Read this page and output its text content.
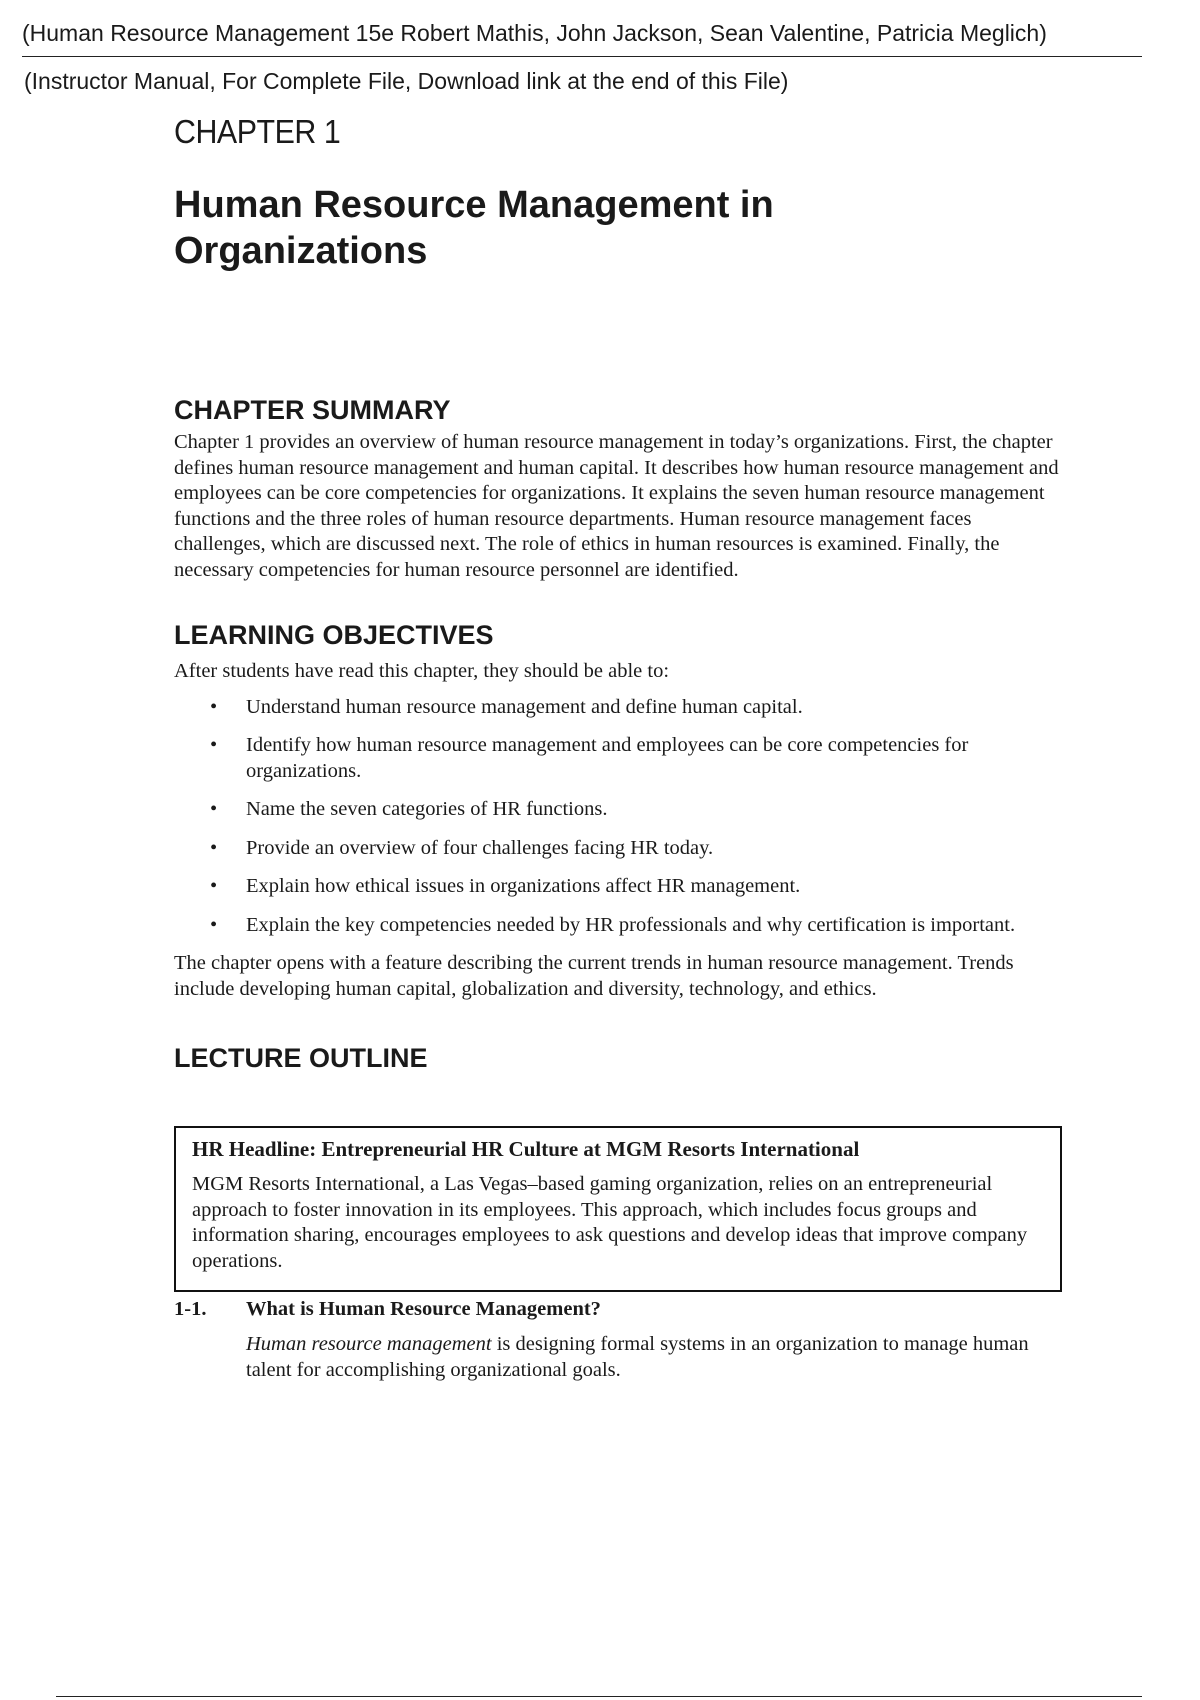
(Human Resource Management 15e Robert Mathis, John Jackson, Sean Valentine, Patricia Meglich)
(Instructor Manual, For Complete File, Download link at the end of this File)
CHAPTER 1
Human Resource Management in
Organizations
CHAPTER SUMMARY

Chapter 1 provides an overview of human resource management in today’s organizations. First, the chapter defines human resource management and human capital. It describes how human resource management and employees can be core competencies for organizations. It explains the seven human resource management functions and the three roles of human resource departments. Human resource management faces challenges, which are discussed next. The role of ethics in human resources is examined. Finally, the necessary competencies for human resource personnel are identified.

LEARNING OBJECTIVES

After students have read this chapter, they should be able to:

• Understand human resource management and define human capital.
• Identify how human resource management and employees can be core competencies for organizations.
• Name the seven categories of HR functions.
• Provide an overview of four challenges facing HR today.
• Explain how ethical issues in organizations affect HR management.
• Explain the key competencies needed by HR professionals and why certification is important.

The chapter opens with a feature describing the current trends in human resource management. Trends include developing human capital, globalization and diversity, technology, and ethics.

LECTURE OUTLINE

HR Headline: Entrepreneurial HR Culture at MGM Resorts International

MGM Resorts International, a Las Vegas–based gaming organization, relies on an entrepreneurial approach to foster innovation in its employees. This approach, which includes focus groups and information sharing, encourages employees to ask questions and develop ideas that improve company operations.

1-1. What is Human Resource Management?
Human resource management is designing formal systems in an organization to manage human talent for accomplishing organizational goals.
